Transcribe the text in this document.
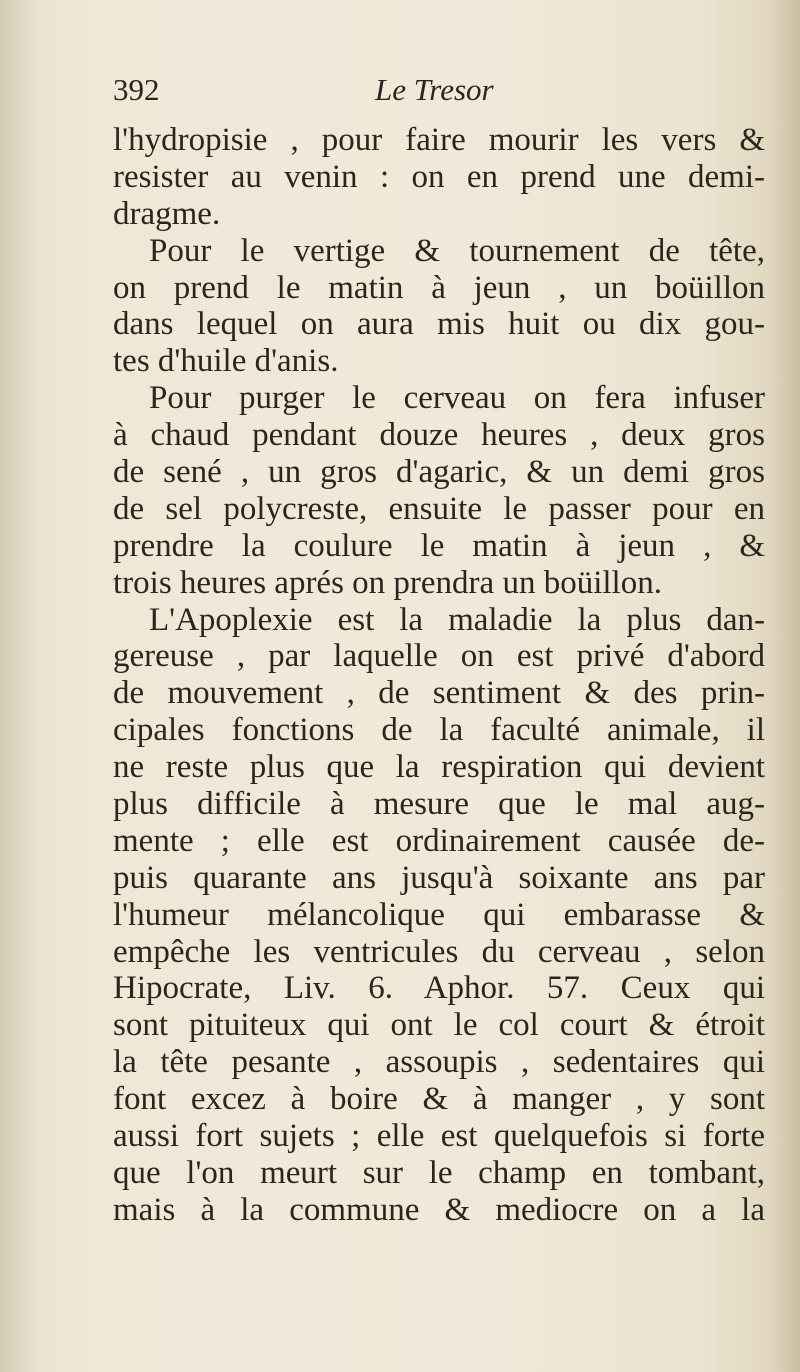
392	Le Tresor
l'hydropisie , pour faire mourir les vers &
resister au venin : on en prend une demi-
dragme.
Pour le vertige & tournement de tête,
on prend le matin à jeun , un boüillon
dans lequel on aura mis huit ou dix gou-
tes d'huile d'anis.
Pour purger le cerveau on fera infuser
à chaud pendant douze heures , deux gros
de sené , un gros d'agaric, & un demi gros
de sel polycreste, ensuite le passer pour en
prendre la coulure le matin à jeun , &
trois heures aprés on prendra un boüillon.
L'Apoplexie est la maladie la plus dan-
gereuse , par laquelle on est privé d'abord
de mouvement , de sentiment & des prin-
cipales fonctions de la faculté animale, il
ne reste plus que la respiration qui devient
plus difficile à mesure que le mal aug-
mente ; elle est ordinairement causée de-
puis quarante ans jusqu'à soixante ans par
l'humeur mélancolique qui embarasse &
empêche les ventricules du cerveau , selon
Hipocrate, Liv. 6. Aphor. 57. Ceux qui
sont pituiteux qui ont le col court & étroit
la tête pesante , assoupis , sedentaires qui
font excez à boire & à manger , y sont
aussi fort sujets ; elle est quelquefois si forte
que l'on meurt sur le champ en tombant,
mais à la commune & mediocre on a la
